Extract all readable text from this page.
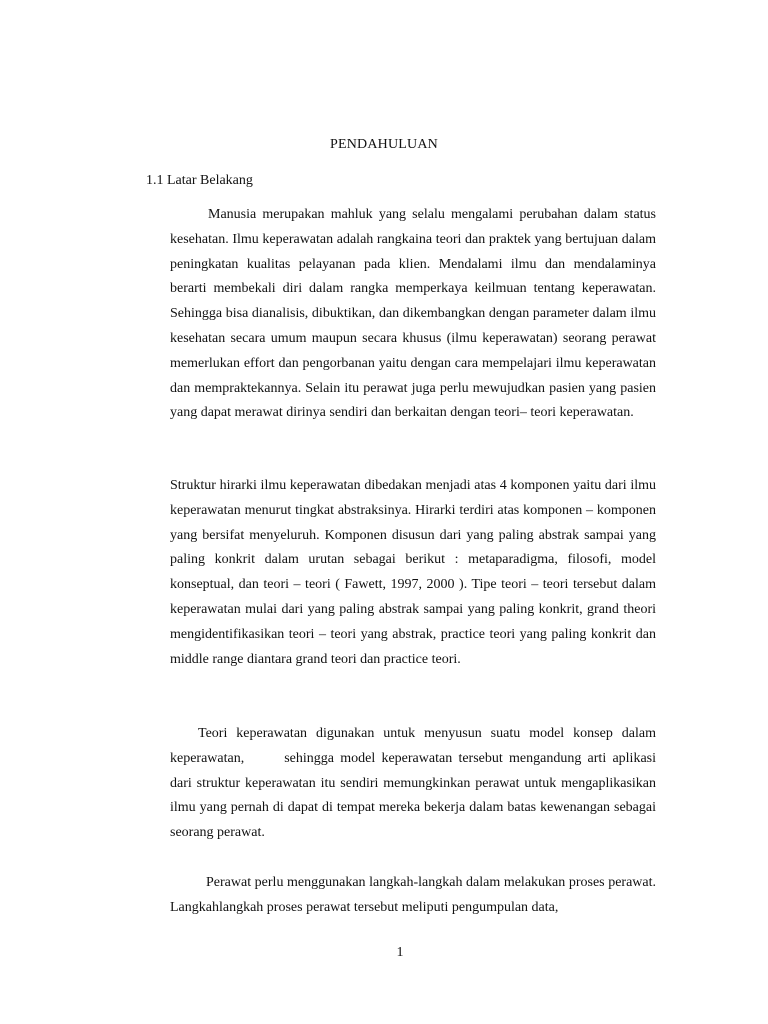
PENDAHULUAN
1.1 Latar Belakang

Manusia merupakan mahluk yang selalu mengalami perubahan dalam status kesehatan. Ilmu keperawatan adalah rangkaina teori dan praktek yang bertujuan dalam peningkatan kualitas pelayanan pada klien. Mendalami ilmu dan mendalaminya berarti membekali diri dalam rangka memperkaya keilmuan tentang keperawatan. Sehingga bisa dianalisis, dibuktikan, dan dikembangkan dengan parameter dalam ilmu kesehatan secara umum maupun secara khusus (ilmu keperawatan) seorang perawat memerlukan effort dan pengorbanan yaitu dengan cara mempelajari ilmu keperawatan dan mempraktekannya. Selain itu perawat juga perlu mewujudkan pasien yang pasien yang dapat merawat dirinya sendiri dan berkaitan dengan teori– teori keperawatan.

Struktur hirarki ilmu keperawatan dibedakan menjadi atas 4 komponen yaitu dari ilmu keperawatan menurut tingkat abstraksinya. Hirarki terdiri atas komponen – komponen yang bersifat menyeluruh. Komponen disusun dari yang paling abstrak sampai yang paling konkrit dalam urutan sebagai berikut : metaparadigma, filosofi, model konseptual, dan teori – teori ( Fawett, 1997, 2000 ). Tipe teori – teori tersebut dalam keperawatan mulai dari yang paling abstrak sampai yang paling konkrit, grand theori mengidentifikasikan teori – teori yang abstrak, practice teori yang paling konkrit dan middle range diantara grand teori dan practice teori.

Teori keperawatan digunakan untuk menyusun suatu model konsep dalam keperawatan,	sehingga model keperawatan tersebut mengandung arti aplikasi dari struktur keperawatan itu sendiri memungkinkan perawat untuk mengaplikasikan ilmu yang pernah di dapat di tempat mereka bekerja dalam batas kewenangan sebagai seorang perawat.

Perawat perlu menggunakan langkah-langkah dalam melakukan proses perawat. Langkahlangkah proses perawat tersebut meliputi pengumpulan data,

1
